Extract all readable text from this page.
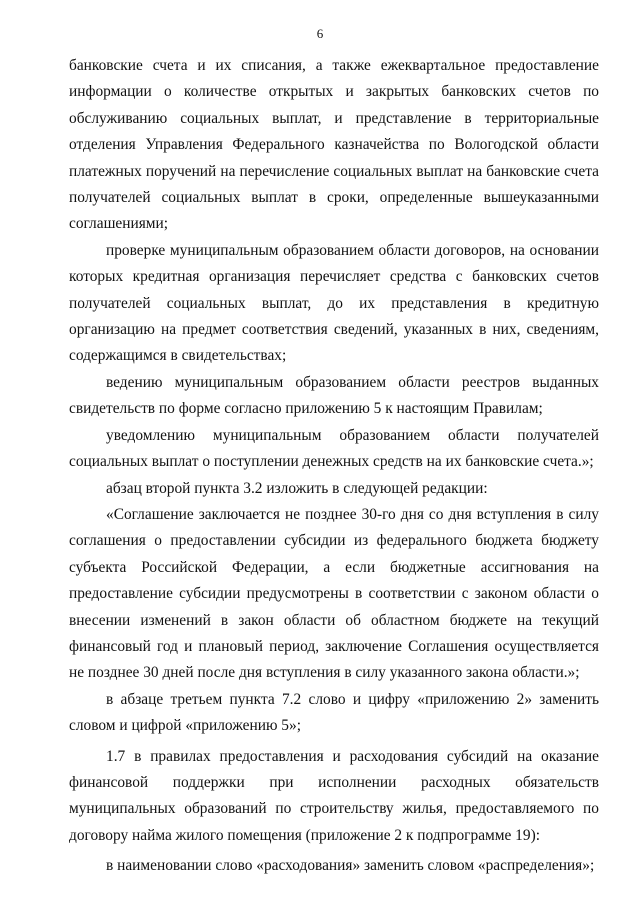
6

банковские счета и их списания, а также ежеквартальное предоставление информации о количестве открытых и закрытых банковских счетов по обслуживанию социальных выплат, и представление в территориальные отделения Управления Федерального казначейства по Вологодской области платежных поручений на перечисление социальных выплат на банковские счета получателей социальных выплат в сроки, определенные вышеуказанными соглашениями;

проверке муниципальным образованием области договоров, на основании которых кредитная организация перечисляет средства с банковских счетов получателей социальных выплат, до их представления в кредитную организацию на предмет соответствия сведений, указанных в них, сведениям, содержащимся в свидетельствах;

ведению муниципальным образованием области реестров выданных свидетельств по форме согласно приложению 5 к настоящим Правилам;

уведомлению муниципальным образованием области получателей социальных выплат о поступлении денежных средств на их банковские счета.»;

абзац второй пункта 3.2 изложить в следующей редакции:

«Соглашение заключается не позднее 30-го дня со дня вступления в силу соглашения о предоставлении субсидии из федерального бюджета бюджету субъекта Российской Федерации, а если бюджетные ассигнования на предоставление субсидии предусмотрены в соответствии с законом области о внесении изменений в закон области об областном бюджете на текущий финансовый год и плановый период, заключение Соглашения осуществляется не позднее 30 дней после дня вступления в силу указанного закона области.»;

в абзаце третьем пункта 7.2 слово и цифру «приложению 2» заменить словом и цифрой «приложению 5»;

1.7 в правилах предоставления и расходования субсидий на оказание финансовой поддержки при исполнении расходных обязательств муниципальных образований по строительству жилья, предоставляемого по договору найма жилого помещения (приложение 2 к подпрограмме 19):

в наименовании слово «расходования» заменить словом «распределения»;
